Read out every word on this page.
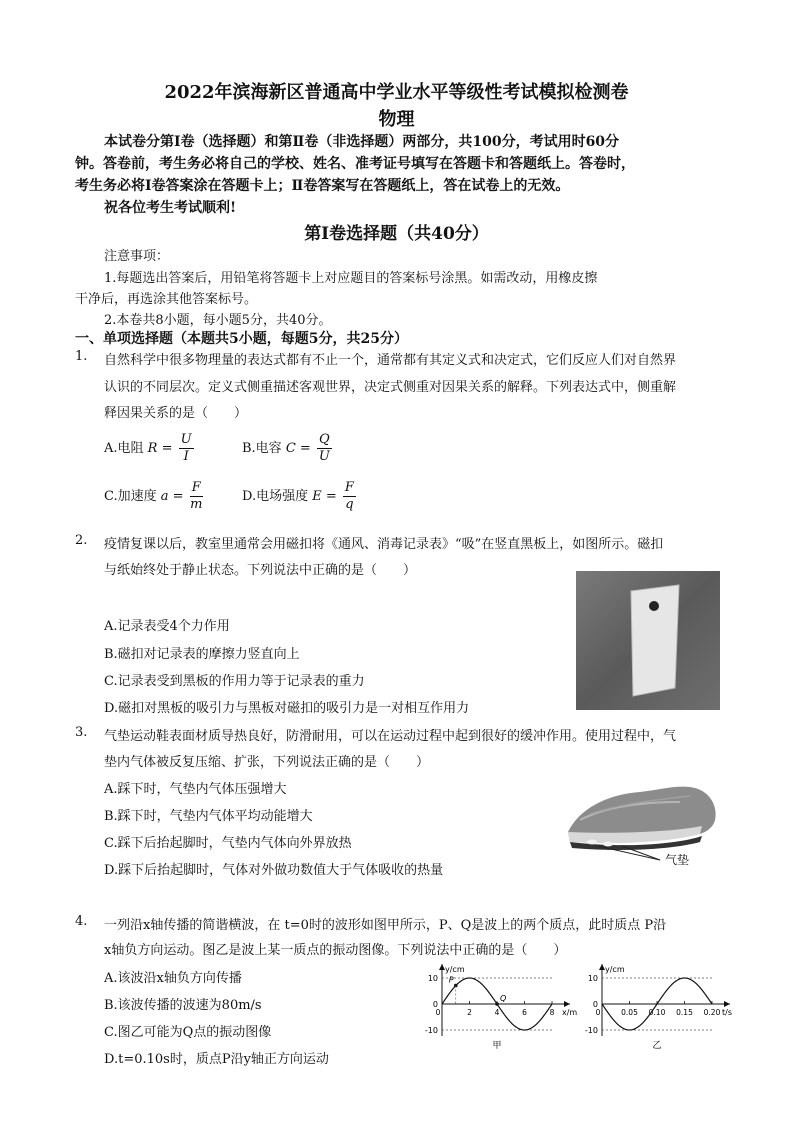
2022年滨海新区普通高中学业水平等级性考试模拟检测卷
物理
本试卷分第Ⅰ卷（选择题）和第Ⅱ卷（非选择题）两部分，共100分，考试用时60分
钟。答卷前，考生务必将自己的学校、姓名、准考证号填写在答题卡和答题纸上。答卷时，
考生务必将Ⅰ卷答案涂在答题卡上；Ⅱ卷答案写在答题纸上，答在试卷上的无效。
祝各位考生考试顺利!
第Ⅰ卷选择题（共40分）
注意事项：
1.每题选出答案后，用铅笔将答题卡上对应题目的答案标号涂黑。如需改动，用橡皮擦
干净后，再选涂其他答案标号。
2.本卷共8小题，每小题5分，共40分。
一、单项选择题（本题共5小题，每题5分，共25分）
1. 自然科学中很多物理量的表达式都有不止一个，通常都有其定义式和决定式，它们反应人们对自然界
认识的不同层次。定义式侧重描述客观世界，决定式侧重对因果关系的解释。下列表达式中，侧重解
释因果关系的是（　　）
A.电阻 $R = \frac{U}{I}$	B.电容 $C = \frac{Q}{U}$
C.加速度 $a = \frac{F}{m}$	D.电场强度 $E = \frac{F}{q}$
2. 疫情复课以后，教室里通常会用磁扣将《通风、消毒记录表》“吸”在竖直黑板上，如图所示。磁扣
与纸始终处于静止状态。下列说法中正确的是（　　）
A.记录表受4个力作用
B.磁扣对记录表的摩擦力竖直向上
C.记录表受到黑板的作用力等于记录表的重力
D.磁扣对黑板的吸引力与黑板对磁扣的吸引力是一对相互作用力
3. 气垫运动鞋表面材质导热良好，防滑耐用，可以在运动过程中起到很好的缓冲作用。使用过程中，气
垫内气体被反复压缩、扩张，下列说法正确的是（　　）
A.踩下时，气垫内气体压强增大
B.踩下时，气垫内气体平均动能增大
C.踩下后抬起脚时，气垫内气体向外界放热
D.踩下后抬起脚时，气体对外做功数值大于气体吸收的热量
气垫
4. 一列沿x轴传播的简谐横波，在 t=0时的波形如图甲所示，P、Q是波上的两个质点，此时质点 P沿
x轴负方向运动。图乙是波上某一质点的振动图像。下列说法中正确的是（　　）
A.该波沿x轴负方向传播
B.该波传播的波速为80m/s
C.图乙可能为Q点的振动图像
D.t=0.10s时，质点P沿y轴正方向运动
y/cm
x/m
10
0
-10
0	2	4	6	8
P
Q
甲
y/cm
t/s
10
0
-10
0	0.05 0.10 0.15 0.20
乙
